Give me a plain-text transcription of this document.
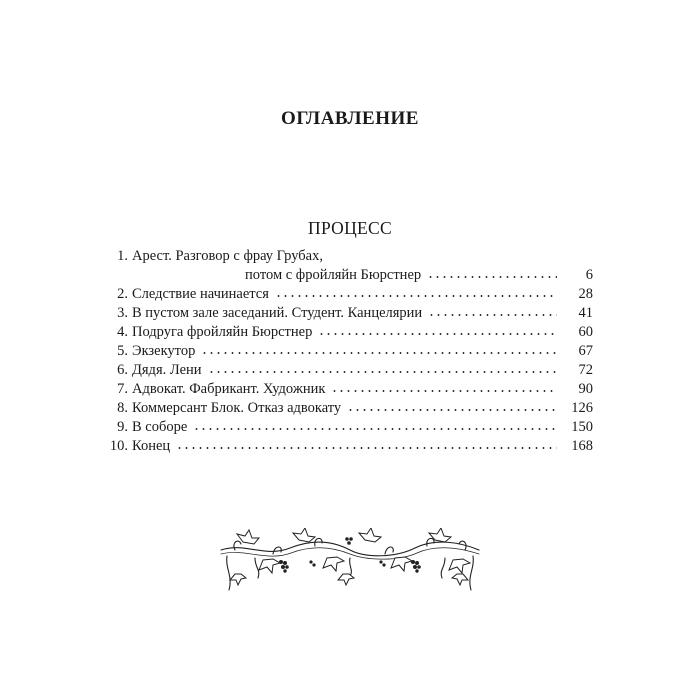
ОГЛАВЛЕНИЕ
ПРОЦЕСС
1. Арест. Разговор с фрау Грубах,
потом с фройляйн Бюрстнер	6
2. Следствие начинается	28
3. В пустом зале заседаний. Студент. Канцелярии	41
4. Подруга фройляйн Бюрстнер	60
5. Экзекутор	67
6. Дядя. Лени	72
7. Адвокат. Фабрикант. Художник	90
8. Коммерсант Блок. Отказ адвокату	126
9. В соборе	150
10. Конец	168
